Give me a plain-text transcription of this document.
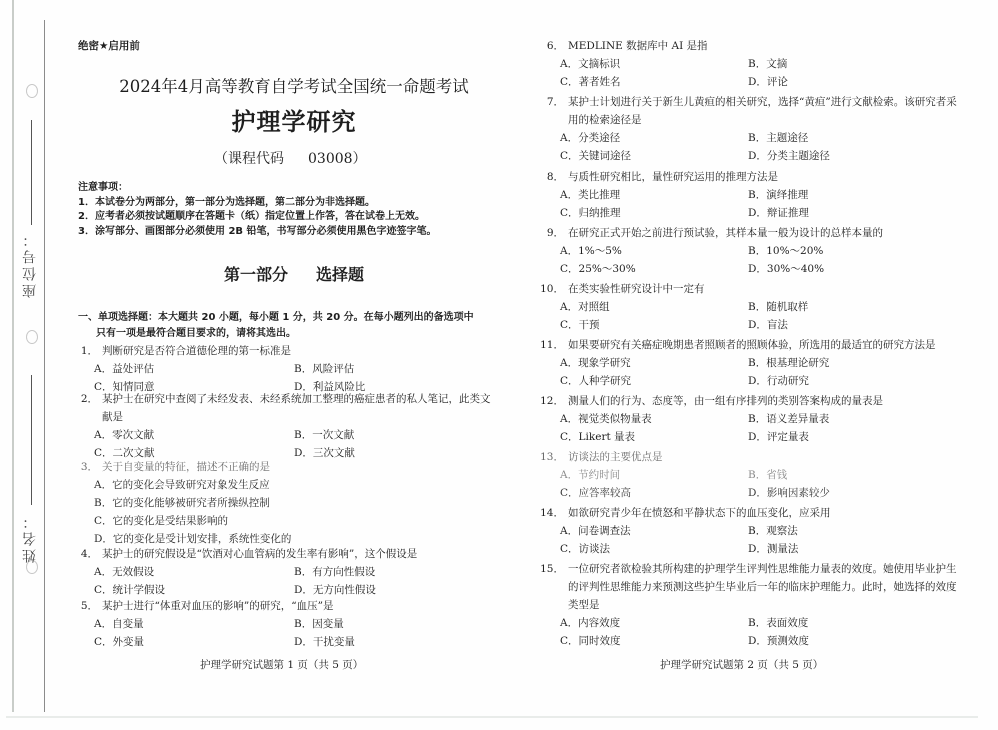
座位号：
姓名：
绝密★启用前
2024年4月高等教育自学考试全国统一命题考试
护理学研究
（课程代码 03008）
注意事项：
1．本试卷分为两部分，第一部分为选择题，第二部分为非选择题。
2．应考者必须按试题顺序在答题卡（纸）指定位置上作答，答在试卷上无效。
3．涂写部分、画图部分必须使用 2B 铅笔，书写部分必须使用黑色字迹签字笔。
第一部分 选择题
一、单项选择题：本大题共 20 小题，每小题 1 分，共 20 分。在每小题列出的备选项中
只有一项是最符合题目要求的，请将其选出。
1． 判断研究是否符合道德伦理的第一标准是
A．益处评估	B．风险评估
C．知情同意	D．利益风险比
2． 某护士在研究中查阅了未经发表、未经系统加工整理的癌症患者的私人笔记，此类文献是
A．零次文献	B．一次文献
C．二次文献	D．三次文献
3． 关于自变量的特征，描述不正确的是
A．它的变化会导致研究对象发生反应
B．它的变化能够被研究者所操纵控制
C．它的变化是受结果影响的
D．它的变化是受计划安排，系统性变化的
4． 某护士的研究假设是“饮酒对心血管病的发生率有影响”，这个假设是
A．无效假设	B．有方向性假设
C．统计学假设	D．无方向性假设
5． 某护士进行“体重对血压的影响”的研究，“血压”是
A．自变量	B．因变量
C．外变量	D．干扰变量
护理学研究试题第 1 页（共 5 页）
6． MEDLINE 数据库中 AI 是指
A．文摘标识	B．文摘
C．著者姓名	D．评论
7． 某护士计划进行关于新生儿黄疸的相关研究，选择“黄疸”进行文献检索。该研究者采用的检索途径是
A．分类途径	B．主题途径
C．关键词途径	D．分类主题途径
8． 与质性研究相比，量性研究运用的推理方法是
A．类比推理	B．演绎推理
C．归纳推理	D．辩证推理
9． 在研究正式开始之前进行预试验，其样本量一般为设计的总样本量的
A．1%～5%	B．10%～20%
C．25%～30%	D．30%～40%
10． 在类实验性研究设计中一定有
A．对照组	B．随机取样
C．干预	D．盲法
11． 如果要研究有关癌症晚期患者照顾者的照顾体验，所选用的最适宜的研究方法是
A．现象学研究	B．根基理论研究
C．人种学研究	D．行动研究
12． 测量人们的行为、态度等，由一组有序排列的类别答案构成的量表是
A．视觉类似物量表	B．语义差异量表
C．Likert 量表	D．评定量表
13． 访谈法的主要优点是
A．节约时间	B．省钱
C．应答率较高	D．影响因素较少
14． 如欲研究青少年在愤怒和平静状态下的血压变化，应采用
A．问卷调查法	B．观察法
C．访谈法	D．测量法
15． 一位研究者欲检验其所构建的护理学生评判性思维能力量表的效度。她使用毕业护生的评判性思维能力来预测这些护生毕业后一年的临床护理能力。此时，她选择的效度类型是
A．内容效度	B．表面效度
C．同时效度	D．预测效度
护理学研究试题第 2 页（共 5 页）
